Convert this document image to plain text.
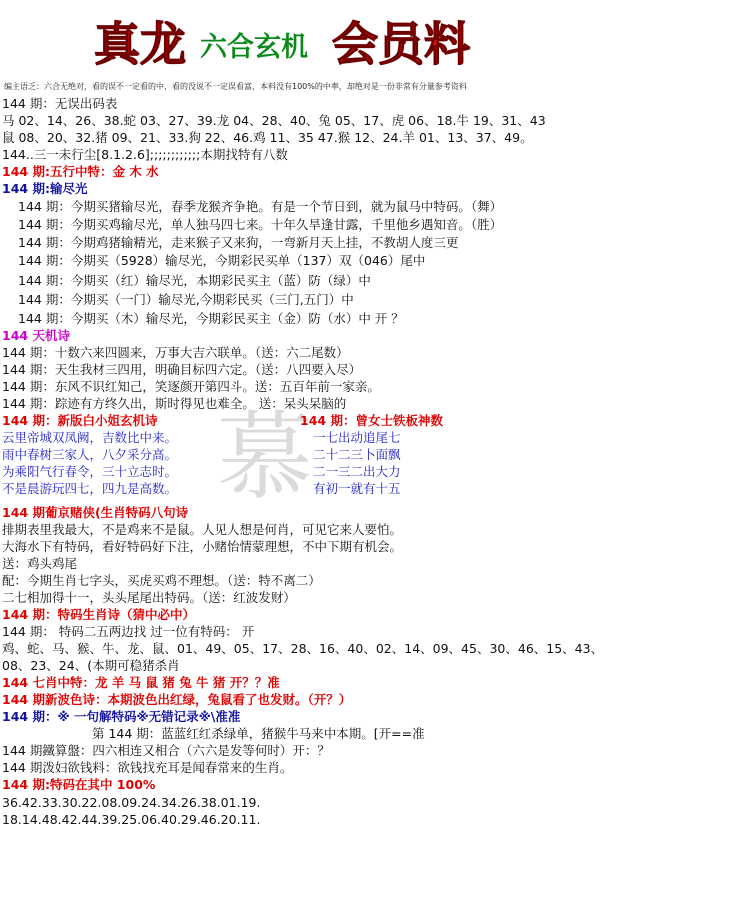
真龙 六合玄机 会员料
编主语乏：六合无绝对，看的误不一定看的中，看的没说不一定误看富，本料没有100%的中率，却绝对是一份非常有分量参考资料
慕
144 期：无误出码表
马 02、14、26、38.蛇 03、27、39.龙 04、28、40、兔 05、17、虎 06、18.牛 19、31、43
鼠 08、20、32.猪 09、21、33.狗 22、46.鸡 11、35 47.猴 12、24.羊 01、13、37、49。
144..三一未行尘[8.1.2.6];;;;;;;;;;;;本期找特有八数
144 期:五行中特：金 木 水
144 期:输尽光
144 期：今期买猪输尽光，春季龙猴齐争艳。有是一个节日到，就为鼠马中特码。（舞）
144 期：今期买鸡输尽光，单人独马四七来。十年久旱逢甘露，千里他乡遇知音。（胜）
144 期：今期鸡猪输精光，走来猴子又来狗，一弯新月天上挂，不教胡人度三更
144 期：今期买（5928）输尽光，今期彩民买单（137）双（046）尾中
144 期：今期买（红）输尽光，本期彩民买主（蓝）防（绿）中
144 期：今期买（一门）输尽光,今期彩民买（三门,五门）中
144 期：今期买（木）输尽光，今期彩民买主（金）防（水）中 开 ？
144 天机诗
144 期：十数六来四圆来，万事大吉六联单。（送：六二尾数）
144 期：天生我材三四用，明确目标四六定。（送：八四要入尽）
144 期：东风不识红知己，笑逐颜开第四斗。送：五百年前一家亲。
144 期：踪迹有方终久出，斯时得见也难全。 送：呆头呆脑的
144 期：新版白小姐玄机诗	144 期：曾女士铁板神数
云里帝城双凤阙，吉数比中来。	一七出动追尾七
雨中春树三家人，八夕采分高。	二十二三卜面飘
为乘阳气行春令，三十立志时。	二一三二出大力
不是晨游玩四七，四九是高数。	有初一就有十五
144 期葡京赌侠(生肖特码八句诗
排期表里我最大，不是鸡来不是鼠。人见人想是何肖，可见它来人要怕。
大海水下有特码，看好特码好下注，小赌怡情蒙理想，不中下期有机会。
送：鸡头鸡尾
配：今期生肖七字头，买虎买鸡不理想。（送：特不离二）
二七相加得十一，头头尾尾出特码。（送：红波发财）
144 期：特码生肖诗（猜中必中）
144 期： 特码二五两边找 过一位有特码： 开
鸡、蛇、马、猴、牛、龙、鼠、01、49、05、17、28、16、40、02、14、09、45、30、46、15、43、
08、23、24、(本期可稳猪杀肖
144 七肖中特：龙 羊 马 鼠 猪 兔 牛 猪 开？？准
144 期新波色诗：本期波色出红绿，兔鼠看了也发财。（开？）
144 期：※ 一句解特码※无错记录※\准准
第 144 期：蓝蓝红红杀绿单，猪猴牛马来中本期。[开==准
144 期鐵算盤：四六相连又相合（六六是发等何时）开：？
144 期泼妇欲钱料：欲钱找充耳是闻春常来的生肖。
144 期:特码在其中 100%
36.42.33.30.22.08.09.24.34.26.38.01.19.
18.14.48.42.44.39.25.06.40.29.46.20.11.
